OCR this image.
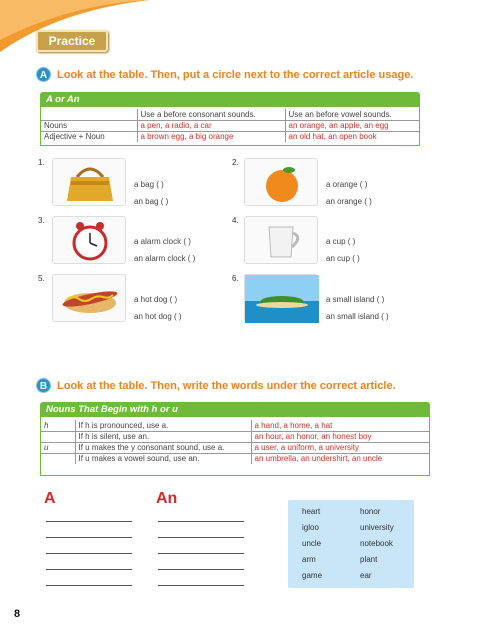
Practice
A Look at the table. Then, put a circle next to the correct article usage.
A or An
	Use a before consonant sounds.	Use an before vowel sounds.
Nouns	a pen, a radio, a car	an orange, an apple, an egg
Adjective + Noun	a brown egg, a big orange	an old hat, an open book
1.
a bag ( )
an bag ( )
2.
a orange ( )
an orange ( )
3.
a alarm clock ( )
an alarm clock ( )
4.
a cup ( )
an cup ( )
5.
a hot dog ( )
an hot dog ( )
6.
a small island ( )
an small island ( )
B Look at the table. Then, write the words under the correct article.
Nouns That Begin with h or u
h	If h is pronounced, use a.	a hand, a home, a hat
	If h is silent, use an.	an hour, an honor, an honest boy
u	If u makes the y consonant sound, use a.	a user, a uniform, a university
	If u makes a vowel sound, use an.	an umbrella, an undershirt, an uncle
A	An
heart
igloo
uncle
arm
game
honor
university
notebook
plant
ear
8
